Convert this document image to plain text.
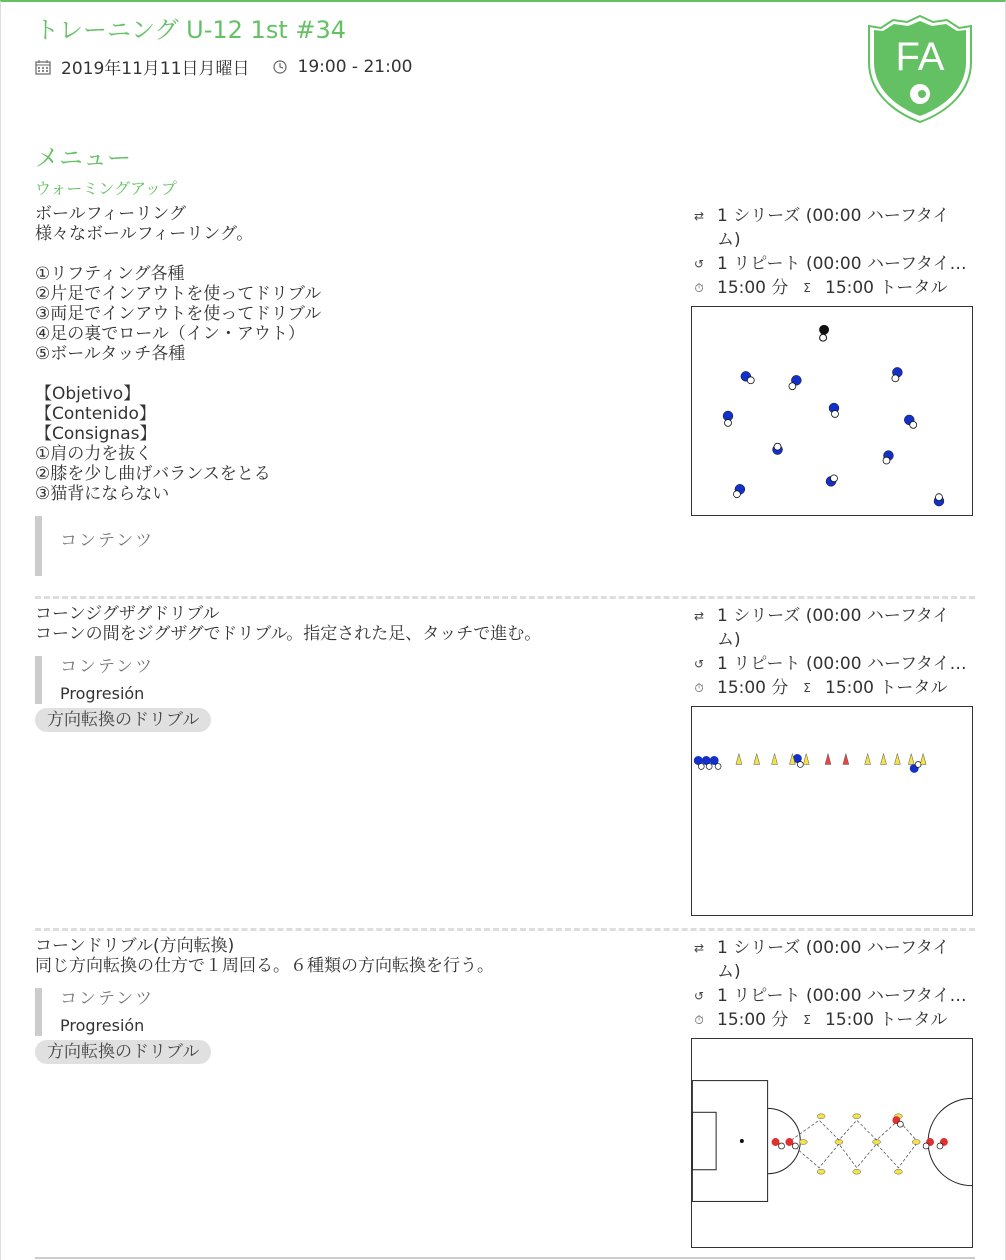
トレーニング U-12 1st #34
2019年11月11日月曜日	19:00 - 21:00	FA
メニュー
ウォーミングアップ
ボールフィーリング
様々なボールフィーリング。
①リフティング各種
②片足でインアウトを使ってドリブル
③両足でインアウトを使ってドリブル
④足の裏でロール（イン・アウト）
⑤ボールタッチ各種
【Objetivo】
【Contenido】
【Consignas】
①肩の力を抜く
②膝を少し曲げバランスをとる
③猫背にならない
コンテンツ
⇄ 1 シリーズ (00:00 ハーフタイム)
↺ 1 リピート (00:00 ハーフタイム)
⏱ 15:00 分	Σ 15:00 トータル
コーンジグザグドリブル
コーンの間をジグザグでドリブル。指定された足、タッチで進む。
コンテンツ
Progresión
方向転換のドリブル
⇄ 1 シリーズ (00:00 ハーフタイム)
↺ 1 リピート (00:00 ハーフタイム)
⏱ 15:00 分	Σ 15:00 トータル
コーンドリブル(方向転換)
同じ方向転換の仕方で１周回る。６種類の方向転換を行う。
コンテンツ
Progresión
方向転換のドリブル
⇄ 1 シリーズ (00:00 ハーフタイム)
↺ 1 リピート (00:00 ハーフタイム)
⏱ 15:00 分	Σ 15:00 トータル
